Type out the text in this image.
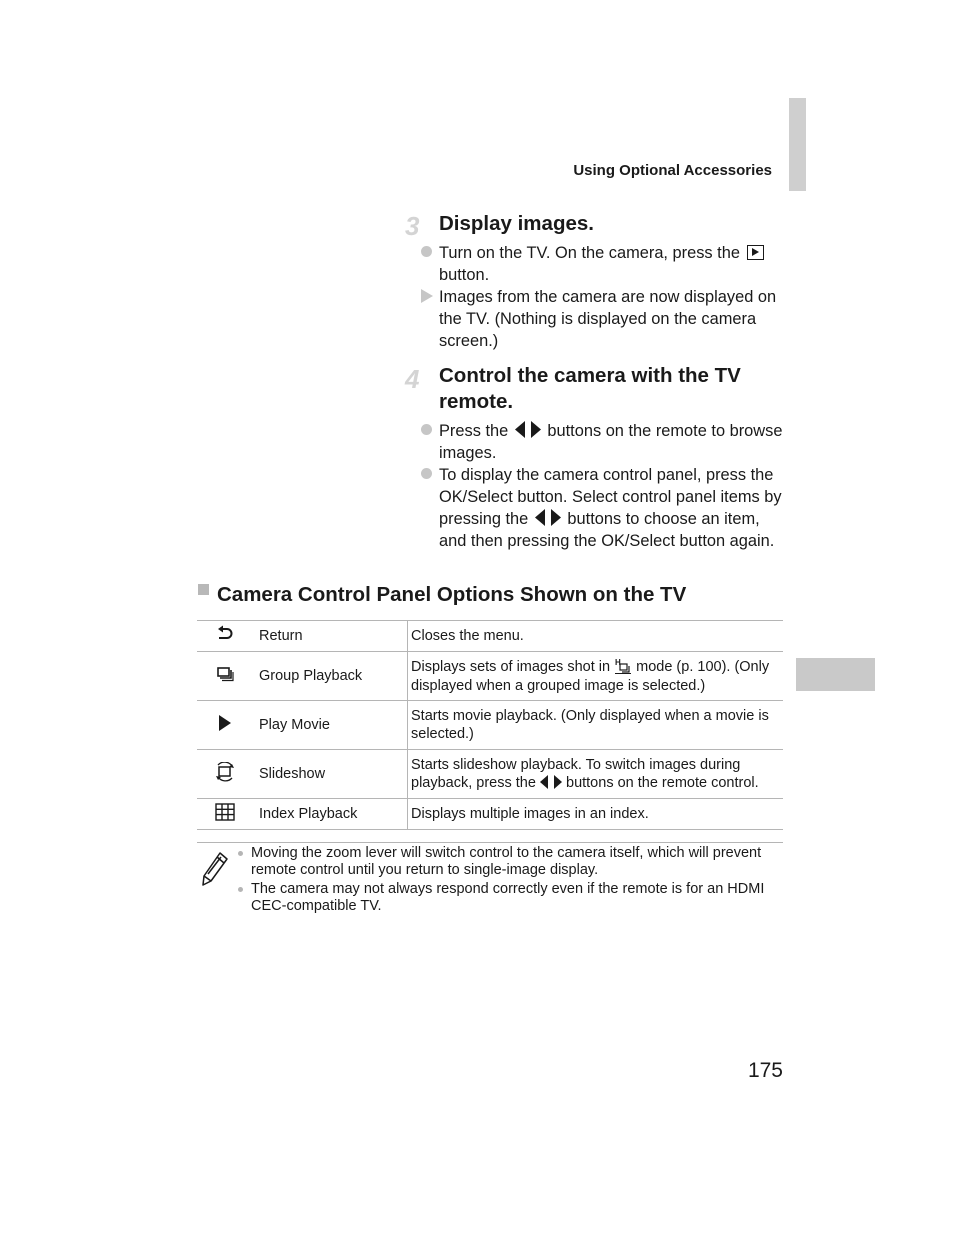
Using Optional Accessories
3 Display images.
Turn on the TV. On the camera, press the  button.
Images from the camera are now displayed on the TV. (Nothing is displayed on the camera screen.)
4 Control the camera with the TV remote.
Press the buttons on the remote to browse images.
To display the camera control panel, press the OK/Select button. Select control panel items by pressing the buttons to choose an item, and then pressing the OK/Select button again.
Camera Control Panel Options Shown on the TV
	Return	Closes the menu.
	Group Playback	Displays sets of images shot in H mode (p. 100). (Only displayed when a grouped image is selected.)
	Play Movie	Starts movie playback. (Only displayed when a movie is selected.)
	Slideshow	Starts slideshow playback. To switch images during playback, press the buttons on the remote control.
	Index Playback	Displays multiple images in an index.
Moving the zoom lever will switch control to the camera itself, which will prevent remote control until you return to single-image display.
The camera may not always respond correctly even if the remote is for an HDMI CEC-compatible TV.
175
